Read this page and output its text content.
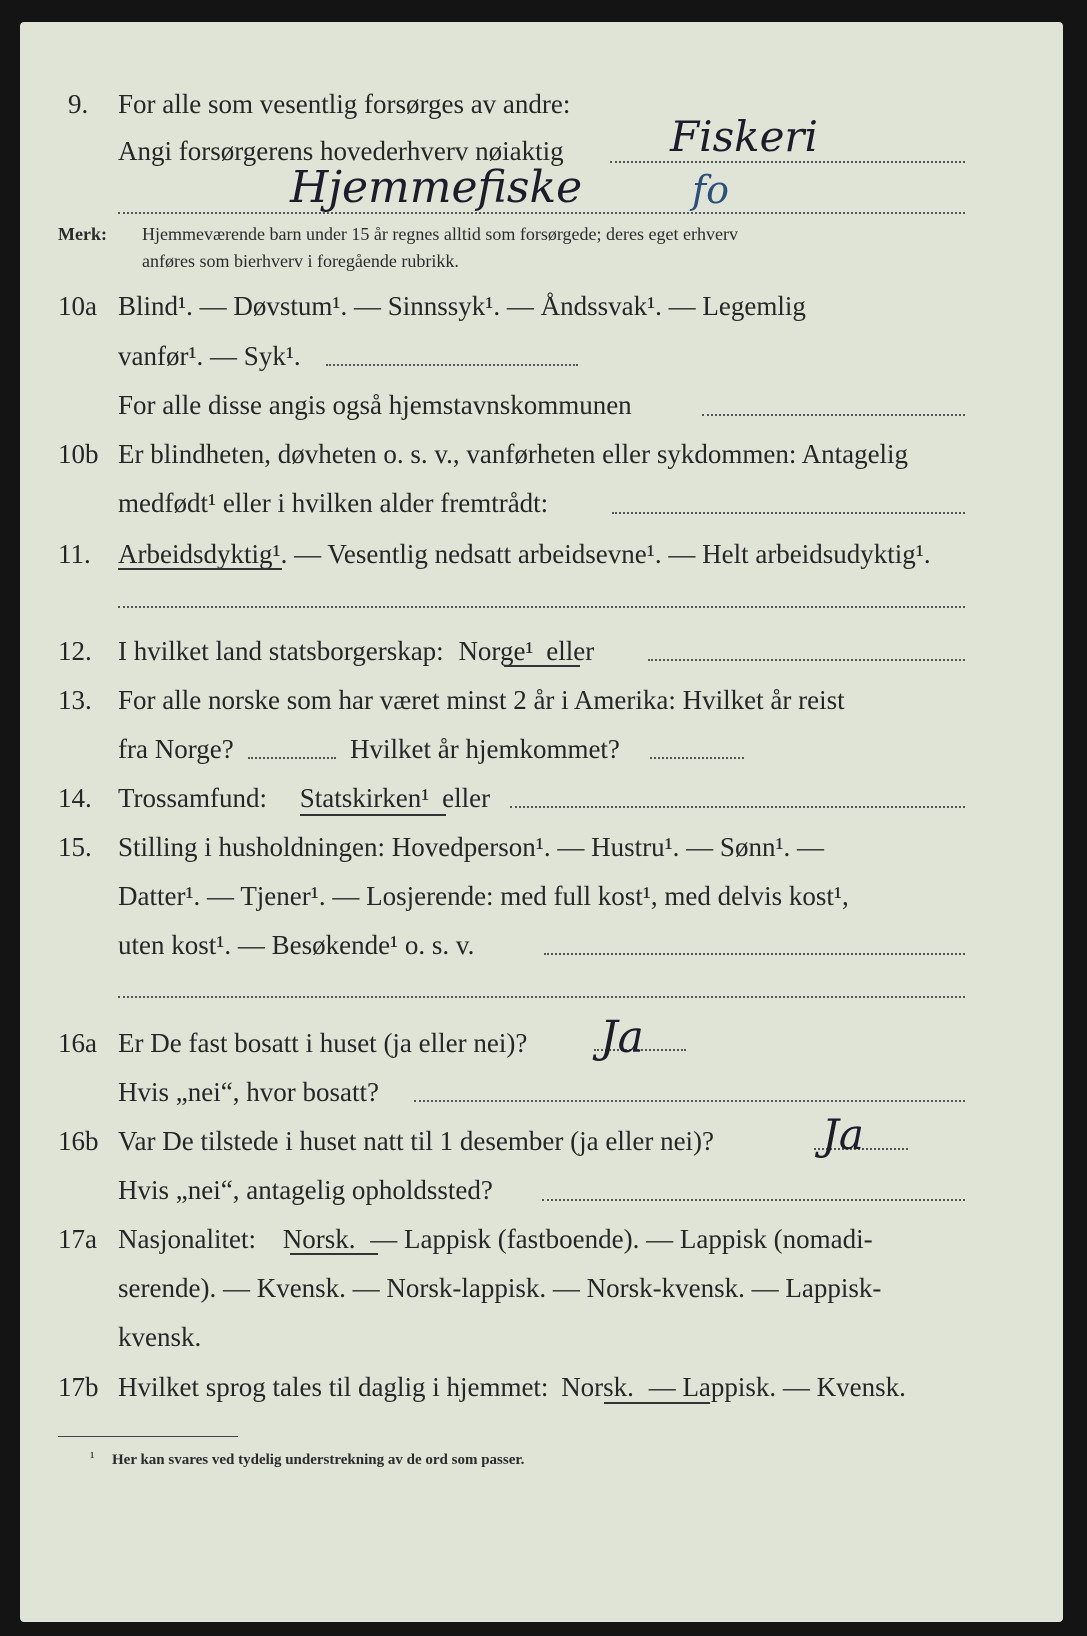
9. For alle som vesentlig forsørges av andre:
Angi forsørgerens hovederhverv nøiaktig	Fiskeri
Hjemmefiske	fo
Merk: Hjemmeværende barn under 15 år regnes alltid som forsørgede; deres eget erhverv
anføres som bierhverv i foregående rubrikk.
10a Blind¹. — Døvstum¹. — Sinnssyk¹. — Åndssvak¹. — Legemlig
vanfør¹. — Syk¹.
For alle disse angis også hjemstavnskommunen
10b Er blindheten, døvheten o. s. v., vanførheten eller sykdommen: Antagelig
medfødt¹ eller i hvilken alder fremtrådt:
11. Arbeidsdyktig¹. — Vesentlig nedsatt arbeidsevne¹. — Helt arbeidsudyktig¹.
12. I hvilket land statsborgerskap: Norge¹ eller
13. For alle norske som har været minst 2 år i Amerika: Hvilket år reist
fra Norge?	Hvilket år hjemkommet?
14. Trossamfund: Statskirken¹ eller
15. Stilling i husholdningen: Hovedperson¹. — Hustru¹. — Sønn¹. —
Datter¹. — Tjener¹. — Losjerende: med full kost¹, med delvis kost¹,
uten kost¹. — Besøkende¹ o. s. v.
16a Er De fast bosatt i huset (ja eller nei)? Ja
Hvis „nei“, hvor bosatt?
16b Var De tilstede i huset natt til 1 desember (ja eller nei)?	Ja
Hvis „nei“, antagelig opholdssted?
17a Nasjonalitet: Norsk. — Lappisk (fastboende). — Lappisk (nomadi-
serende). — Kvensk. — Norsk-lappisk. — Norsk-kvensk. — Lappisk-
kvensk.
17b Hvilket sprog tales til daglig i hjemmet: Norsk. — Lappisk. — Kvensk.
¹ Her kan svares ved tydelig understrekning av de ord som passer.
